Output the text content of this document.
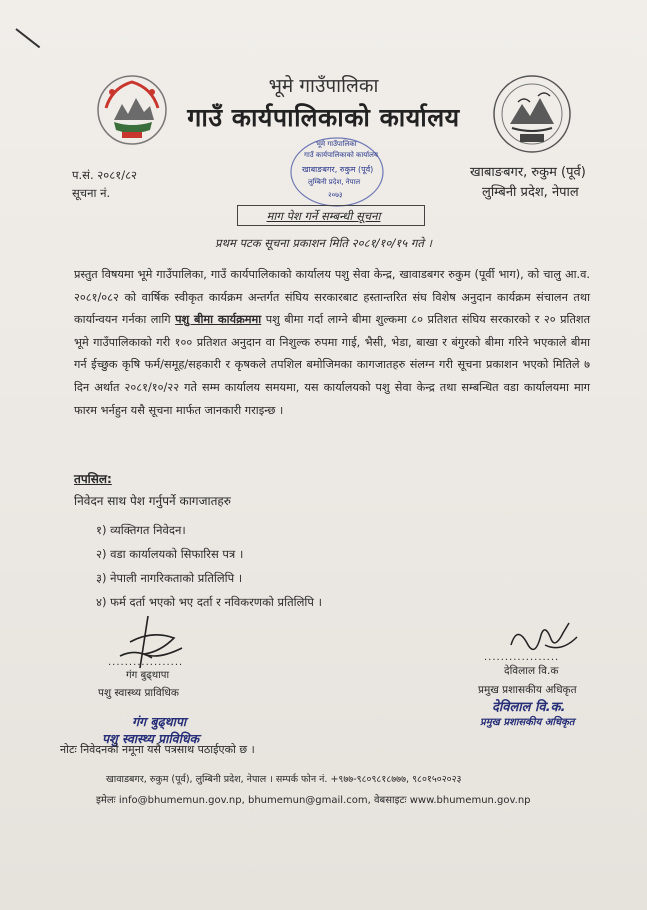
भूमे गाउँपालिका
गाउँ कार्यपालिकाको कार्यालय
प.सं. २०८१/८२
सूचना नं.
खाबाङबगर, रुकुम (पूर्व)
लुम्बिनी प्रदेश, नेपाल
भूमे गाउँपालिका
गाउँ कार्यपालिकाको कार्यालय
खाबाङबगर, रुकुम (पूर्व)
लुम्बिनी प्रदेश, नेपाल
२०७३
माग पेश गर्ने सम्बन्धी सूचना
प्रथम पटक सूचना प्रकाशन मिति २०८१/१०/१५ गते ।
प्रस्तुत विषयमा भूमे गाउँपालिका, गाउँ कार्यपालिकाको कार्यालय पशु सेवा केन्द्र, खावाडबगर रुकुम (पूर्वी भाग), को चालु आ.व. २०८१/०८२ को वार्षिक स्वीकृत कार्यक्रम अन्तर्गत संघिय सरकारबाट हस्तान्तरित संघ विशेष अनुदान कार्यक्रम संचालन तथा कार्यान्वयन गर्नका लागि पशु बीमा कार्यक्रममा पशु बीमा गर्दा लाग्ने बीमा शुल्कमा ८० प्रतिशत संघिय सरकारको र २० प्रतिशत भूमे गाउँपालिकाको गरी १०० प्रतिशत अनुदान वा निशुल्क रुपमा गाई, भैसी, भेडा, बाखा र बंगुरको बीमा गरिने भएकाले बीमा गर्न ईच्छुक कृषि फर्म/समूह/सहकारी र कृषकले तपशिल बमोजिमका कागजातहरु संलग्न गरी सूचना प्रकाशन भएको मितिले ७ दिन अर्थात २०८१/१०/२२ गते सम्म कार्यालय समयमा, यस कार्यालयको पशु सेवा केन्द्र तथा सम्बन्धित वडा कार्यालयमा माग फारम भर्नहुन यसै सूचना मार्फत जानकारी गराइन्छ ।
तपसिल:
निवेदन साथ पेश गर्नुपर्ने कागजातहरु
१) व्यक्तिगत निवेदन।
२) वडा कार्यालयको सिफारिस पत्र ।
३) नेपाली नागरिकताको प्रतिलिपि ।
४) फर्म दर्ता भएको भए दर्ता र नविकरणको प्रतिलिपि ।
..................
गंग बुढ्थापा
पशु स्वास्थ्य प्राविधिक
गंग बुढ्थापा
पशु स्वास्थ्य प्राविधिक
नोटः निवेदनको नमूना यसै पत्रसाथ पठाईएको छ ।
..................
देविलाल वि.क
प्रमुख प्रशासकीय अधिकृत
देविलाल वि.क.
प्रमुख प्रशासकीय अधिकृत
खावाडबगर, रुकुम (पूर्व), लुम्बिनी प्रदेश, नेपाल । सम्पर्क फोन नं. +९७७-९८०९८१८७७७, ९८०१५०२०२३
इमेलः info@bhumemun.gov.np, bhumemun@gmail.com, वेबसाइटः www.bhumemun.gov.np
